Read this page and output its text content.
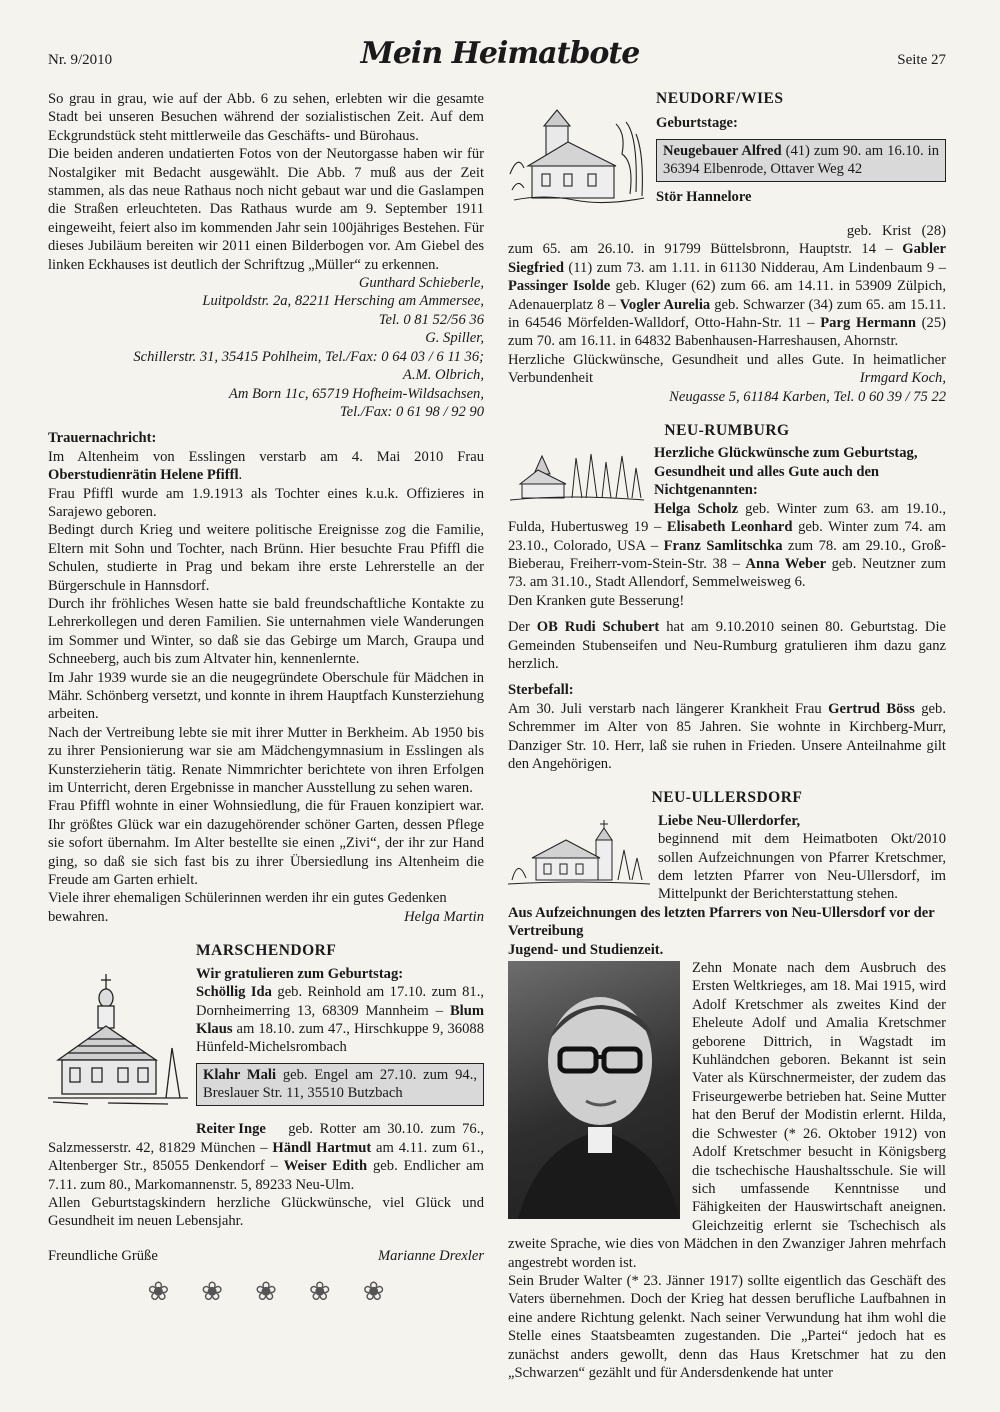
Nr. 9/2010	Mein Heimatbote	Seite 27

So grau in grau, wie auf der Abb. 6 zu sehen, erlebten wir die gesamte Stadt bei unseren Besuchen während der sozialistischen Zeit. Auf dem Eckgrundstück steht mittlerweile das Geschäfts- und Bürohaus.

Die beiden anderen undatierten Fotos von der Neutorgasse haben wir für Nostalgiker mit Bedacht ausgewählt. Die Abb. 7 muß aus der Zeit stammen, als das neue Rathaus noch nicht gebaut war und die Gaslampen die Straßen erleuchteten. Das Rathaus wurde am 9. September 1911 eingeweiht, feiert also im kommenden Jahr sein 100jähriges Bestehen. Für dieses Jubiläum bereiten wir 2011 einen Bilderbogen vor. Am Giebel des linken Eckhauses ist deutlich der Schriftzug „Müller“ zu erkennen.

Gunthard Schieberle,

Luitpoldstr. 2a, 82211 Hersching am Ammersee,

Tel. 0 81 52/56 36

G. Spiller,

Schillerstr. 31, 35415 Pohlheim, Tel./Fax: 0 64 03 / 6 11 36;

A.M. Olbrich,

Am Born 11c, 65719 Hofheim-Wildsachsen,

Tel./Fax: 0 61 98 / 92 90

Trauernachricht:

Im Altenheim von Esslingen verstarb am 4. Mai 2010 Frau Oberstudienrätin Helene Pfiffl.

Frau Pfiffl wurde am 1.9.1913 als Tochter eines k.u.k. Offizieres in Sarajewo geboren.

Bedingt durch Krieg und weitere politische Ereignisse zog die Familie, Eltern mit Sohn und Tochter, nach Brünn. Hier besuchte Frau Pfiffl die Schulen, studierte in Prag und bekam ihre erste Lehrerstelle an der Bürgerschule in Hannsdorf.

Durch ihr fröhliches Wesen hatte sie bald freundschaftliche Kontakte zu Lehrerkollegen und deren Familien. Sie unternahmen viele Wanderungen im Sommer und Winter, so daß sie das Gebirge um March, Graupa und Schneeberg, auch bis zum Altvater hin, kennenlernte.

Im Jahr 1939 wurde sie an die neugegründete Oberschule für Mädchen in Mähr. Schönberg versetzt, und konnte in ihrem Hauptfach Kunsterziehung arbeiten.

Nach der Vertreibung lebte sie mit ihrer Mutter in Berkheim. Ab 1950 bis zu ihrer Pensionierung war sie am Mädchengymnasium in Esslingen als Kunsterzieherin tätig. Renate Nimmrichter berichtete von ihren Erfolgen im Unterricht, deren Ergebnisse in mancher Ausstellung zu sehen waren.

Frau Pfiffl wohnte in einer Wohnsiedlung, die für Frauen konzipiert war. Ihr größtes Glück war ein dazugehörender schöner Garten, dessen Pflege sie sofort übernahm. Im Alter bestellte sie einen „Zivi“, der ihr zur Hand ging, so daß sie sich fast bis zu ihrer Übersiedlung ins Altenheim die Freude am Garten erhielt.

Viele ihrer ehemaligen Schülerinnen werden ihr ein gutes Gedenken bewahren.	Helga Martin

MARSCHENDORF

Wir gratulieren zum Geburtstag:

Schöllig Ida geb. Reinhold am 17.10. zum 81., Dornheimerring 13, 68309 Mannheim – Blum Klaus am 18.10. zum 47., Hirschkuppe 9, 36088 Hünfeld-Michelsrombach

Klahr Mali geb. Engel am 27.10. zum 94., Breslauer Str. 11, 35510 Butzbach

Reiter Inge	geb. Rotter am 30.10. zum 76., Salzmesserstr. 42, 81829 München – Händl Hartmut am 4.11. zum 61., Altenberger Str., 85055 Denkendorf – Weiser Edith geb. Endlicher am 7.11. zum 80., Markomannenstr. 5, 89233 Neu-Ulm.

Allen Geburtstagskindern herzliche Glückwünsche, viel Glück und Gesundheit im neuen Lebensjahr.

Freundliche Grüße	Marianne Drexler

❀ ❀ ❀ ❀ ❀

NEUDORF/WIES

Geburtstage:

Neugebauer Alfred (41) zum 90. am 16.10. in 36394 Elbenrode, Ottaver Weg 42

Stör Hannelore

geb. Krist (28) zum 65. am 26.10. in 91799 Büttelsbronn, Hauptstr. 14 – Gabler Siegfried (11) zum 73. am 1.11. in 61130 Nidderau, Am Lindenbaum 9 – Passinger Isolde geb. Kluger (62) zum 66. am 14.11. in 53909 Zülpich, Adenauerplatz 8 – Vogler Aurelia geb. Schwarzer (34) zum 65. am 15.11. in 64546 Mörfelden-Walldorf, Otto-Hahn-Str. 11 – Parg Hermann (25) zum 70. am 16.11. in 64832 Babenhausen-Harreshausen, Ahornstr.

Herzliche Glückwünsche, Gesundheit und alles Gute. In heimatlicher Verbundenheit	Irmgard Koch,

Neugasse 5, 61184 Karben, Tel. 0 60 39 / 75 22

NEU-RUMBURG

Herzliche Glückwünsche zum Geburtstag, Gesundheit und alles Gute auch den Nichtgenannten:

Helga Scholz geb. Winter zum 63. am 19.10., Fulda, Hubertusweg 19 – Elisabeth Leonhard geb. Winter zum 74. am 23.10., Colorado, USA – Franz Samlitschka zum 78. am 29.10., Groß-Bieberau, Freiherr-vom-Stein-Str. 38 – Anna Weber geb. Neutzner zum 73. am 31.10., Stadt Allendorf, Semmelweisweg 6.

Den Kranken gute Besserung!

Der OB Rudi Schubert hat am 9.10.2010 seinen 80. Geburtstag. Die Gemeinden Stubenseifen und Neu-Rumburg gratulieren ihm dazu ganz herzlich.

Sterbefall:

Am 30. Juli verstarb nach längerer Krankheit Frau Gertrud Böss geb. Schremmer im Alter von 85 Jahren. Sie wohnte in Kirchberg-Murr, Danziger Str. 10. Herr, laß sie ruhen in Frieden. Unsere Anteilnahme gilt den Angehörigen.

NEU-ULLERSDORF

Liebe Neu-Ullerdorfer,

beginnend mit dem Heimatboten Okt/2010 sollen Aufzeichnungen von Pfarrer Kretschmer, dem letzten Pfarrer von Neu-Ullersdorf, im Mittelpunkt der Berichterstattung stehen.

Aus Aufzeichnungen des letzten Pfarrers von Neu-Ullersdorf vor der Vertreibung

Jugend- und Studienzeit.

Zehn Monate nach dem Ausbruch des Ersten Weltkrieges, am 18. Mai 1915, wird Adolf Kretschmer als zweites Kind der Eheleute Adolf und Amalia Kretschmer geborene Dittrich, in Wagstadt im Kuhländchen geboren. Bekannt ist sein Vater als Kürschnermeister, der zudem das Friseurgewerbe betrieben hat. Seine Mutter hat den Beruf der Modistin erlernt. Hilda, die Schwester (* 26. Oktober 1912) von Adolf Kretschmer besucht in Königsberg die tschechische Haushaltsschule. Sie will sich umfassende Kenntnisse und Fähigkeiten der Hauswirtschaft aneignen. Gleichzeitig erlernt sie Tschechisch als zweite Sprache, wie dies von Mädchen in den Zwanziger Jahren mehrfach angestrebt worden ist.

Sein Bruder Walter (* 23. Jänner 1917) sollte eigentlich das Geschäft des Vaters übernehmen. Doch der Krieg hat dessen berufliche Laufbahnen in eine andere Richtung gelenkt. Nach seiner Verwundung hat ihm wohl die Stelle eines Staatsbeamten zugestanden. Die „Partei“ jedoch hat es zunächst anders gewollt, denn das Haus Kretschmer hat zu den „Schwarzen“ gezählt und für Andersdenkende hat unter
